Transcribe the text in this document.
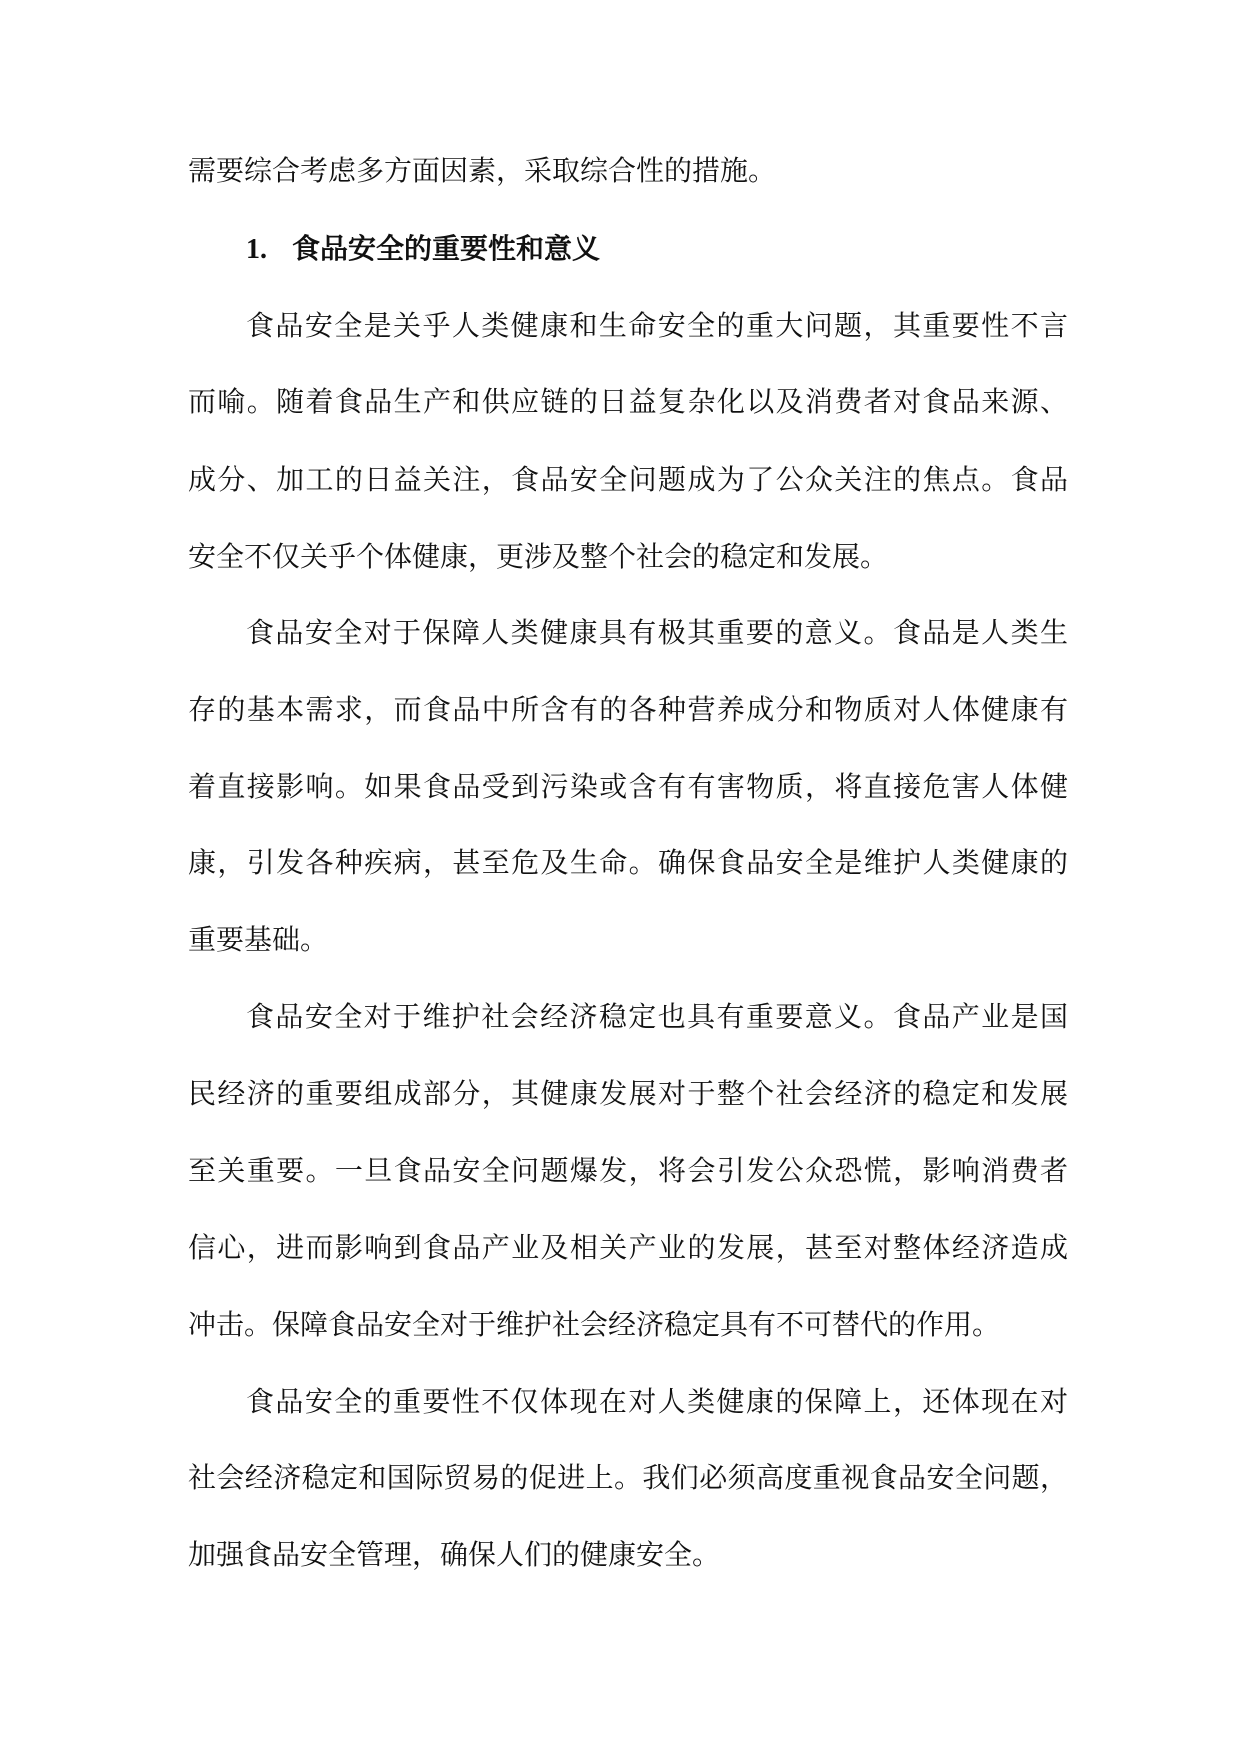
需要综合考虑多方面因素，采取综合性的措施。
1. 食品安全的重要性和意义
食品安全是关乎人类健康和生命安全的重大问题，其重要性不言
而喻。随着食品生产和供应链的日益复杂化以及消费者对食品来源、
成分、加工的日益关注，食品安全问题成为了公众关注的焦点。食品
安全不仅关乎个体健康，更涉及整个社会的稳定和发展。
食品安全对于保障人类健康具有极其重要的意义。食品是人类生
存的基本需求，而食品中所含有的各种营养成分和物质对人体健康有
着直接影响。如果食品受到污染或含有有害物质，将直接危害人体健
康，引发各种疾病，甚至危及生命。确保食品安全是维护人类健康的
重要基础。
食品安全对于维护社会经济稳定也具有重要意义。食品产业是国
民经济的重要组成部分，其健康发展对于整个社会经济的稳定和发展
至关重要。一旦食品安全问题爆发，将会引发公众恐慌，影响消费者
信心，进而影响到食品产业及相关产业的发展，甚至对整体经济造成
冲击。保障食品安全对于维护社会经济稳定具有不可替代的作用。
食品安全的重要性不仅体现在对人类健康的保障上，还体现在对
社会经济稳定和国际贸易的促进上。我们必须高度重视食品安全问题，
加强食品安全管理，确保人们的健康安全。
